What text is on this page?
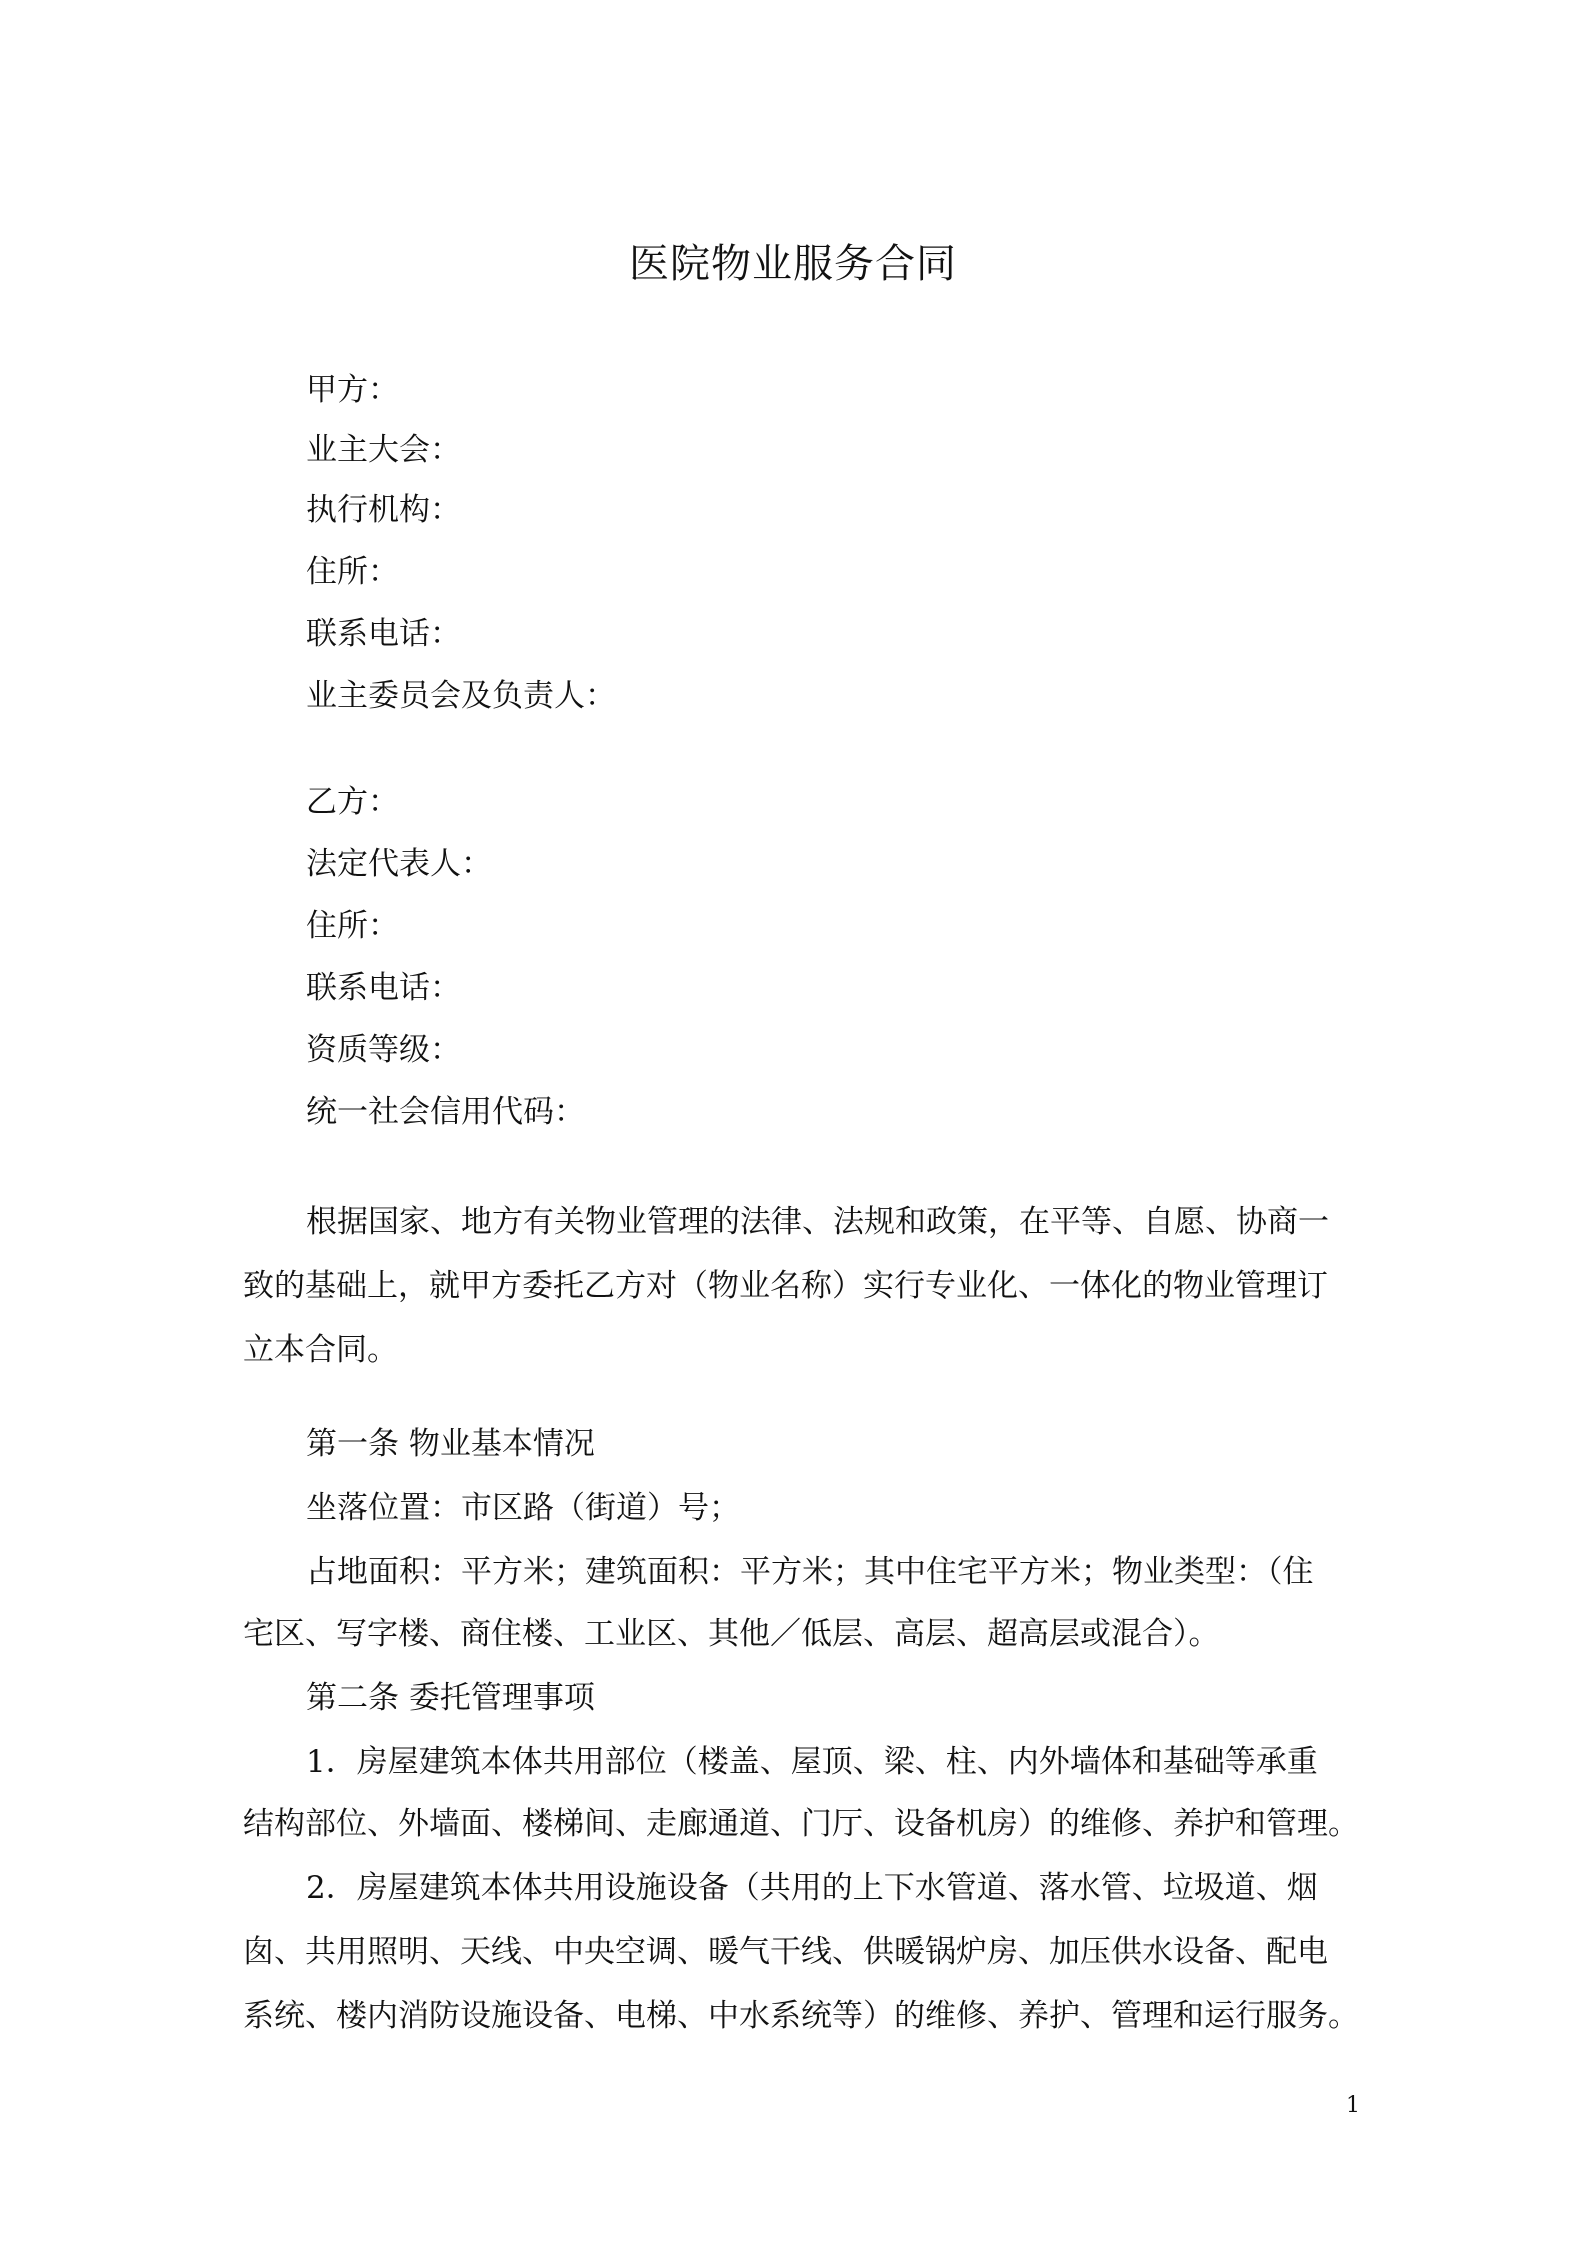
医院物业服务合同
甲方：
业主大会：
执行机构：
住所：
联系电话：
业主委员会及负责人：
乙方：
法定代表人：
住所：
联系电话：
资质等级：
统一社会信用代码：
根据国家、地方有关物业管理的法律、法规和政策，在平等、自愿、协商一
致的基础上，就甲方委托乙方对（物业名称）实行专业化、一体化的物业管理订
立本合同。
第一条 物业基本情况
坐落位置：市区路（街道）号；
占地面积：平方米；建筑面积：平方米；其中住宅平方米；物业类型：（住
宅区、写字楼、商住楼、工业区、其他／低层、高层、超高层或混合）。
第二条 委托管理事项
1．房屋建筑本体共用部位（楼盖、屋顶、梁、柱、内外墙体和基础等承重
结构部位、外墙面、楼梯间、走廊通道、门厅、设备机房）的维修、养护和管理。
2．房屋建筑本体共用设施设备（共用的上下水管道、落水管、垃圾道、烟
囱、共用照明、天线、中央空调、暖气干线、供暖锅炉房、加压供水设备、配电
系统、楼内消防设施设备、电梯、中水系统等）的维修、养护、管理和运行服务。
1
